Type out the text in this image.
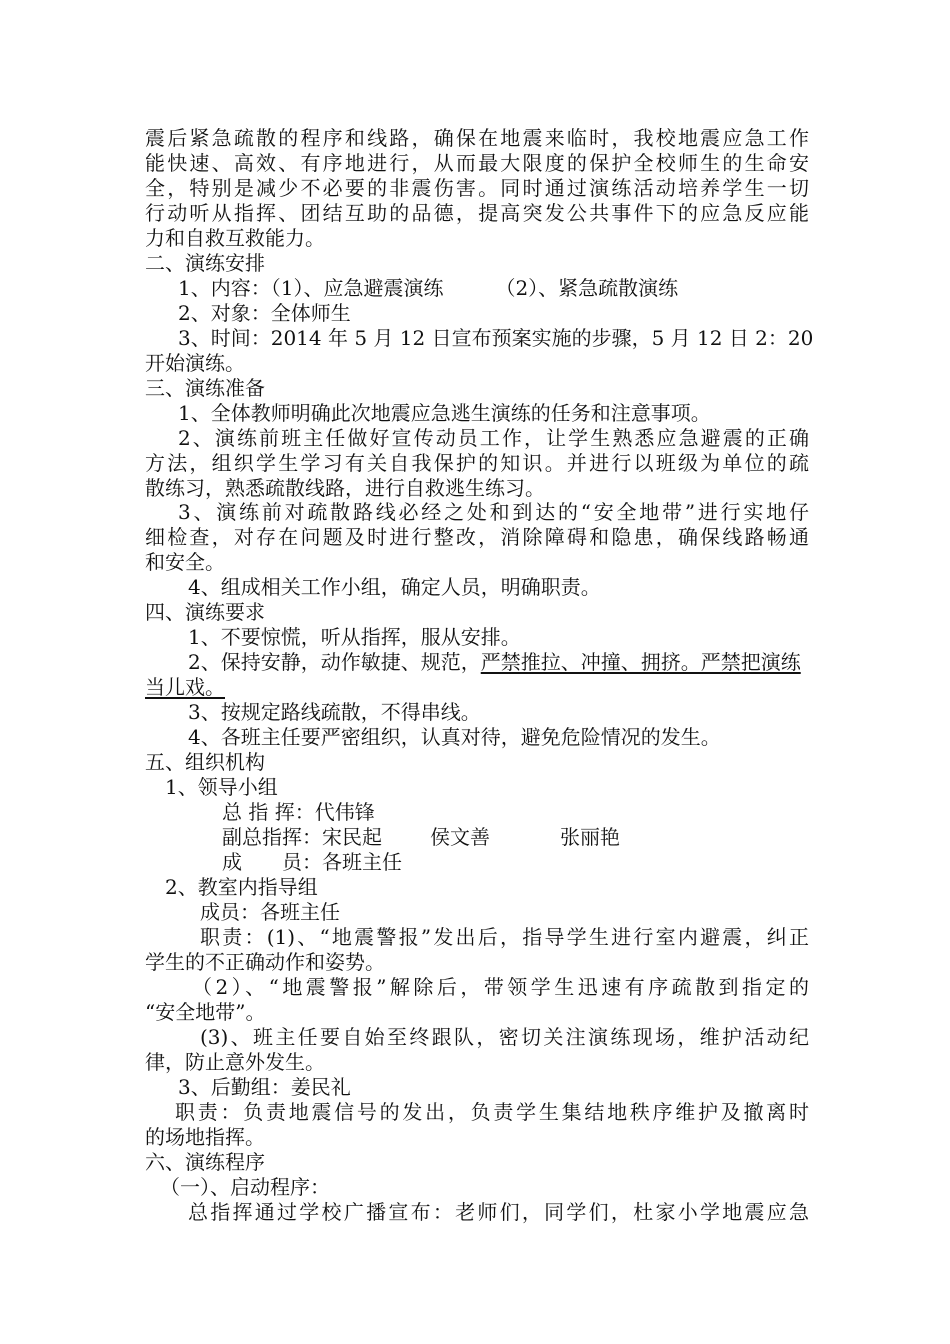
震后紧急疏散的程序和线路，确保在地震来临时，我校地震应急工作
能快速、高效、有序地进行，从而最大限度的保护全校师生的生命安
全，特别是减少不必要的非震伤害。同时通过演练活动培养学生一切
行动听从指挥、团结互助的品德，提高突发公共事件下的应急反应能
力和自救互救能力。
二、演练安排
1、内容：（1）、应急避震演练	（2）、紧急疏散演练
2、对象：全体师生
3、时间：2014 年 5 月 12 日宣布预案实施的步骤，5 月 12 日 2：20
开始演练。
三、演练准备
1、全体教师明确此次地震应急逃生演练的任务和注意事项。
2、演练前班主任做好宣传动员工作，让学生熟悉应急避震的正确
方法，组织学生学习有关自我保护的知识。并进行以班级为单位的疏
散练习，熟悉疏散线路，进行自救逃生练习。
3、演练前对疏散路线必经之处和到达的“安全地带”进行实地仔
细检查，对存在问题及时进行整改，消除障碍和隐患，确保线路畅通
和安全。
4、组成相关工作小组，确定人员，明确职责。
四、演练要求
1、不要惊慌，听从指挥，服从安排。
2、保持安静，动作敏捷、规范，严禁推拉、冲撞、拥挤。严禁把演练
当儿戏。
3、按规定路线疏散，不得串线。
4、各班主任要严密组织，认真对待，避免危险情况的发生。
五、组织机构
1、领导小组
总 指 挥：代伟锋
副总指挥：宋民起 侯文善	张丽艳
成　　员：各班主任
2、教室内指导组
成员：各班主任
职责：(1)、“地震警报”发出后，指导学生进行室内避震，纠正
学生的不正确动作和姿势。
（2）、“地震警报”解除后，带领学生迅速有序疏散到指定的
“安全地带”。
(3)、班主任要自始至终跟队，密切关注演练现场，维护活动纪
律，防止意外发生。
3、后勤组：姜民礼
职责：负责地震信号的发出，负责学生集结地秩序维护及撤离时
的场地指挥。
六、演练程序
（一）、启动程序：
总指挥通过学校广播宣布：老师们，同学们，杜家小学地震应急
